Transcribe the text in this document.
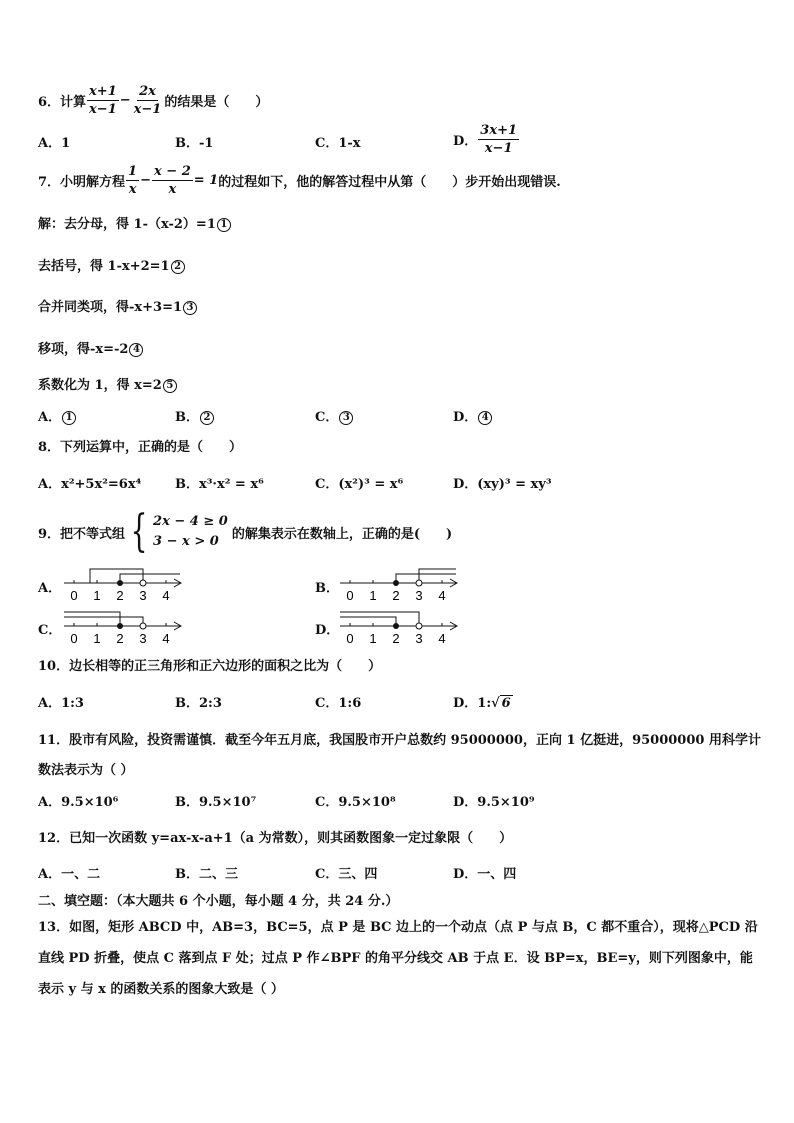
6．计算 $\frac{x+1}{x-1} - \frac{2x}{x-1}$ 的结果是（　　）
A．1	B．-1	C．1-x	D． $\frac{3x+1}{x-1}$
7．小明解方程 $\frac{1}{x} - \frac{x - 2}{x} = 1$ 的过程如下，他的解答过程中从第（　　）步开始出现错误.
解：去分母，得 1-（x-2）=1 1
去括号，得 1-x+2=1 2
合并同类项，得-x+3=1 3
移项，得-x=-2 4
系数化为 1，得 x=2 5
A． 1	B． 2	C． 3	D． 4
8．下列运算中，正确的是（　　）
A．x²+5x²=6x⁴	B．x³·x² = x⁶	C．(x²)³ = x⁶	D．(xy)³ = xy³
9．把不等式组 { 2x − 4 ≥ 0
3 − x > 0	的解集表示在数轴上，正确的是(　　)
A． 0 1 2 3 4	B． 0 1 2 3 4
C．
0 1 2 3 4
D．
0 1 2 3 4
10．边长相等的正三角形和正六边形的面积之比为（　　）
A．1:3	B．2:3	C．1:6	D．1:√ 6
11．股市有风险，投资需谨慎．截至今年五月底，我国股市开户总数约 95000000，正向 1 亿挺进，95000000 用科学计
数法表示为（ ）
A．9.5×10⁶	B．9.5×10⁷	C．9.5×10⁸	D．9.5×10⁹
12．已知一次函数 y=ax-x-a+1（a 为常数），则其函数图象一定过象限（　　）
A．一、二	B．二、三	C．三、四	D．一、四
二、填空题：（本大题共 6 个小题，每小题 4 分，共 24 分.）
13．如图，矩形 ABCD 中，AB=3，BC=5，点 P 是 BC 边上的一个动点（点 P 与点 B，C 都不重合），现将△PCD 沿
直线 PD 折叠，使点 C 落到点 F 处；过点 P 作∠BPF 的角平分线交 AB 于点 E．设 BP=x，BE=y，则下列图象中，能
表示 y 与 x 的函数关系的图象大致是（ ）
